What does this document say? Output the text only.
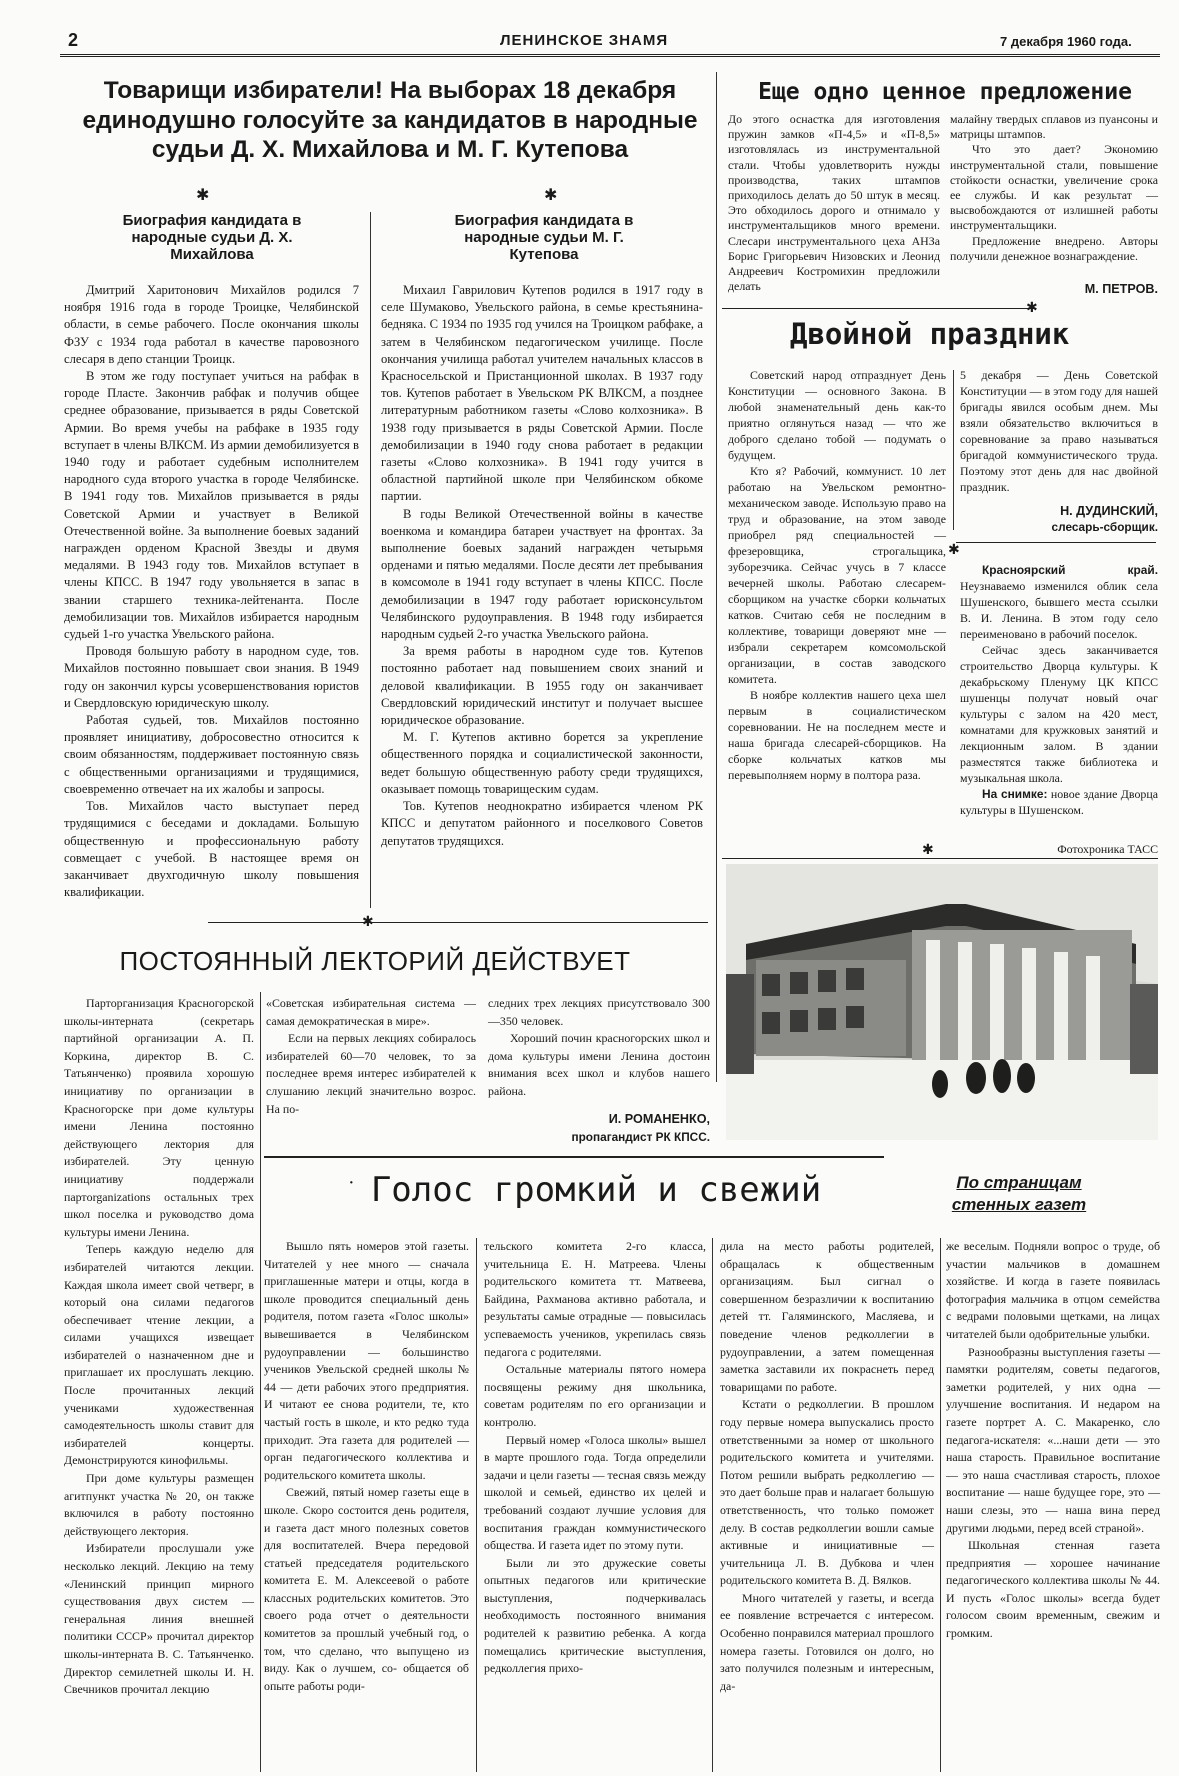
2	ЛЕНИНСКОЕ ЗНАМЯ	7 декабря 1960 года.
Товарищи избиратели! На выборах 18 декабря единодушно голосуйте за кандидатов в народные судьи Д. Х. Михайлова и М. Г. Кутепова
✱	✱
Биография кандидата в народные судьи Д. Х. Михайлова

Дмитрий Харитонович Михайлов родился 7 ноября 1916 года в городе Троицке, Челябинской области, в семье рабочего. После окончания школы ФЗУ с 1934 года работал в качестве паровозного слесаря в депо станции Троицк.

В этом же году поступает учиться на рабфак в городе Пласте. Закончив рабфак и получив общее среднее образование, призывается в ряды Советской Армии. Во время учебы на рабфаке в 1935 году вступает в члены ВЛКСМ. Из армии демобилизуется в 1940 году и работает судебным исполнителем народного суда второго участка в городе Челябинске. В 1941 году тов. Михайлов призывается в ряды Советской Армии и участвует в Великой Отечественной войне. За выполнение боевых заданий награжден орденом Красной Звезды и двумя медалями. В 1943 году тов. Михайлов вступает в члены КПСС. В 1947 году увольняется в запас в звании старшего техника-лейтенанта. После демобилизации тов. Михайлов избирается народным судьей 1-го участка Увельского района.

Проводя большую работу в народном суде, тов. Михайлов постоянно повышает свои знания. В 1949 году он закончил курсы усовершенствования юристов и Свердловскую юридическую школу.

Работая судьей, тов. Михайлов постоянно проявляет инициативу, добросовестно относится к своим обязанностям, поддерживает постоянную связь с общественными организациями и трудящимися, своевременно отвечает на их жалобы и запросы.

Тов. Михайлов часто выступает перед трудящимися с беседами и докладами. Большую общественную и профессиональную работу совмещает с учебой. В настоящее время он заканчивает двухгодичную школу повышения квалификации.

Биография кандидата в народные судьи М. Г. Кутепова

Михаил Гаврилович Кутепов родился в 1917 году в селе Шумаково, Увельского района, в семье крестьянина-бедняка. С 1934 по 1935 год учился на Троицком рабфаке, а затем в Челябинском педагогическом училище. После окончания училища работал учителем начальных классов в Красносельской и Пристанционной школах. В 1937 году тов. Кутепов работает в Увельском РК ВЛКСМ, а позднее литературным работником газеты «Слово колхозника». В 1938 году призывается в ряды Советской Армии. После демобилизации в 1940 году снова работает в редакции газеты «Слово колхозника». В 1941 году учится в областной партийной школе при Челябинском обкоме партии.

В годы Великой Отечественной войны в качестве военкома и командира батареи участвует на фронтах. За выполнение боевых заданий награжден четырьмя орденами и пятью медалями. После десяти лет пребывания в комсомоле в 1941 году вступает в члены КПСС. После демобилизации в 1947 году работает юрисконсультом Челябинского рудоуправления. В 1948 году избирается народным судьей 2-го участка Увельского района.

За время работы в народном суде тов. Кутепов постоянно работает над повышением своих знаний и деловой квалификации. В 1955 году он заканчивает Свердловский юридический институт и получает высшее юридическое образование.

М. Г. Кутепов активно борется за укрепление общественного порядка и социалистической законности, ведет большую общественную работу среди трудящихся, оказывает помощь товарищеским судам.

Тов. Кутепов неоднократно избирается членом РК КПСС и депутатом районного и поселкового Советов депутатов трудящихся.

Еще одно ценное предложение
До этого оснастка для изготовления пружин замков «П-4,5» и «П-8,5» изготовлялась из инструментальной стали. Чтобы удовлетворить нужды производства, таких штампов приходилось делать до 50 штук в месяц. Это обходилось дорого и отнимало у инструментальщиков много времени. Слесари инструментального цеха АНЗа Борис Григорьевич Низовских и Леонид Андреевич Костромихин предложили делать

малайну твердых сплавов из пуансоны и матрицы штампов.

Что это дает? Экономию инструментальной стали, повышение стойкости оснастки, увеличение срока ее службы. И как результат — высвобождаются от излишней работы инструментальщики.

Предложение внедрено. Авторы получили денежное вознаграждение.

М. ПЕТРОВ.
✱
Двойной праздник

Советский народ отпразднует День Конституции — основного Закона. В любой знаменательный день как-то приятно оглянуться назад — что же доброго сделано тобой — подумать о будущем.

Кто я? Рабочий, коммунист. 10 лет работаю на Увельском ремонтно-механическом заводе. Использую право на труд и образование, на этом заводе приобрел ряд специальностей — фрезеровщика, строгальщика, зуборезчика. Сейчас учусь в 7 классе вечерней школы. Работаю слесарем-сборщиком на участке сборки кольчатых катков. Считаю себя не последним в коллективе, товарищи доверяют мне — избрали секретарем комсомольской организации, в состав заводского комитета.

В ноябре коллектив нашего цеха шел первым в социалистическом соревновании. Не на последнем месте и наша бригада слесарей-сборщиков. На сборке кольчатых катков мы перевыполняем норму в полтора раза.

5 декабря — День Советской Конституции — в этом году для нашей бригады явился особым днем. Мы взяли обязательство включиться в соревнование за право называться бригадой коммунистического труда. Поэтому этот день для нас двойной праздник.
Н. ДУДИНСКИЙ,
слесарь-сборщик.
✱

Красноярский край. Неузнаваемо изменился облик села Шушенского, бывшего места ссылки В. И. Ленина. В этом году село переименовано в рабочий поселок.

Сейчас здесь заканчивается строительство Дворца культуры. К декабрьскому Пленуму ЦК КПСС шушенцы получат новый очаг культуры с залом на 420 мест, комнатами для кружковых занятий и лекционным залом. В здании разместятся также библиотека и музыкальная школа.

На снимке: новое здание Дворца культуры в Шушенском.

Фотохроника ТАСС
✱
✱
ПОСТОЯННЫЙ ЛЕКТОРИЙ ДЕЙСТВУЕТ

Парторганизация Красногорской школы-интерната (секретарь партийной организации А. П. Коркина, директор В. С. Татьянченко) проявила хорошую инициативу по организации в Красногорске при доме культуры имени Ленина постоянно действующего лектория для избирателей. Эту ценную инициативу поддержали партorganizations остальных трех школ поселка и руководство дома культуры имени Ленина.

Теперь каждую неделю для избирателей читаются лекции. Каждая школа имеет свой четверг, в который она силами педагогов обеспечивает чтение лекции, а силами учащихся извещает избирателей о назначенном дне и приглашает их прослушать лекцию. После прочитанных лекций учениками художественная самодеятельность школы ставит для избирателей концерты. Демонстрируются кинофильмы.

При доме культуры размещен агитпункт участка № 20, он также включился в работу постоянно действующего лектория.

Избиратели прослушали уже несколько лекций. Лекцию на тему «Ленинский принцип мирного существования двух систем — генеральная линия внешней политики СССР» прочитал директор школы-интерната В. С. Татьянченко. Директор семилетней школы И. Н. Свечников прочитал лекцию

«Советская избирательная система — самая демократическая в мире».

Если на первых лекциях собиралось избирателей 60—70 человек, то за последнее время интерес избирателей к слушанию лекций значительно возрос. На по-

следних трех лекциях присутствовало 300—350 человек.

Хороший почин красногорских школ и дома культуры имени Ленина достоин внимания всех школ и клубов нашего района.

И. РОМАНЕНКО,
пропагандист РК КПСС.
Голос громкий и свежий
·	По страницам стенных газет

Вышло пять номеров этой газеты. Читателей у нее много — сначала приглашенные матери и отцы, когда в школе проводится специальный день родителя, потом газета «Голос школы» вывешивается в Челябинском рудоуправлении — большинство учеников Увельской средней школы № 44 — дети рабочих этого предприятия. И читают ее снова родители, те, кто частый гость в школе, и кто редко туда приходит. Эта газета для родителей — орган педагогического коллектива и родительского комитета школы.

Свежий, пятый номер газеты еще в школе. Скоро состоится день родителя, и газета даст много полезных советов для воспитателей. Вчера передовой статьей председателя родительского комитета Е. М. Алексеевой о работе классных родительских комитетов. Это своего рода отчет о деятельности комитетов за прошлый учебный год, о том, что сделано, что выпущено из виду. Как о лучшем, со- общается об опыте работы роди-

тельского комитета 2-го класса, учительница Е. Н. Матреева. Члены родительского комитета тт. Матвеева, Байдина, Рахманова активно работала, и результаты самые отрадные — повысилась успеваемость учеников, укрепилась связь педагога с родителями.

Остальные материалы пятого номера посвящены режиму дня школьника, советам родителям по его организации и контролю.

Первый номер «Голоса школы» вышел в марте прошлого года. Тогда определили задачи и цели газеты — тесная связь между школой и семьей, единство их целей и требований создают лучшие условия для воспитания граждан коммунистического общества. И газета идет по этому пути.

Были ли это дружеские советы опытных педагогов или критические выступления, подчеркивалась необходимость постоянного внимания родителей к развитию ребенка. А когда помещались критические выступления, редколлегия прихо-

дила на место работы родителей, обращалась к общественным организациям. Был сигнал о совершенном безразличии к воспитанию детей тт. Галяминского, Масляева, и поведение членов редколлегии в рудоуправлении, а затем помещенная заметка заставили их покраснеть перед товарищами по работе.

Кстати о редколлегии. В прошлом году первые номера выпускались просто ответственными за номер от школьного родительского комитета и учителями. Потом решили выбрать редколлегию — это дает больше прав и налагает большую ответственность, что только поможет делу. В состав редколлегии вошли самые активные и инициативные — учительница Л. В. Дубкова и член родительского комитета В. Д. Вялков.

Много читателей у газеты, и всегда ее появление встречается с интересом. Особенно понравился материал прошлого номера газеты. Готовился он долго, но зато получился полезным и интересным, да-

же веселым. Подняли вопрос о труде, об участии мальчиков в домашнем хозяйстве. И когда в газете появилась фотография мальчика в отцом семейства с ведрами половыми щетками, на лицах читателей были одобрительные улыбки.

Разнообразны выступления газеты — памятки родителям, советы педагогов, заметки родителей, у них одна — улучшение воспитания. И недаром на газете портрет А. С. Макаренко, сло педагога-искателя: «...наши дети — это наша старость. Правильное воспитание — это наша счастливая старость, плохое воспитание — наше будущее горе, это — наши слезы, это — наша вина перед другими людьми, перед всей страной».

Школьная стенная газета предприятия — хорошее начинание педагогического коллектива школы № 44. И пусть «Голос школы» всегда будет голосом своим временным, свежим и громким.
